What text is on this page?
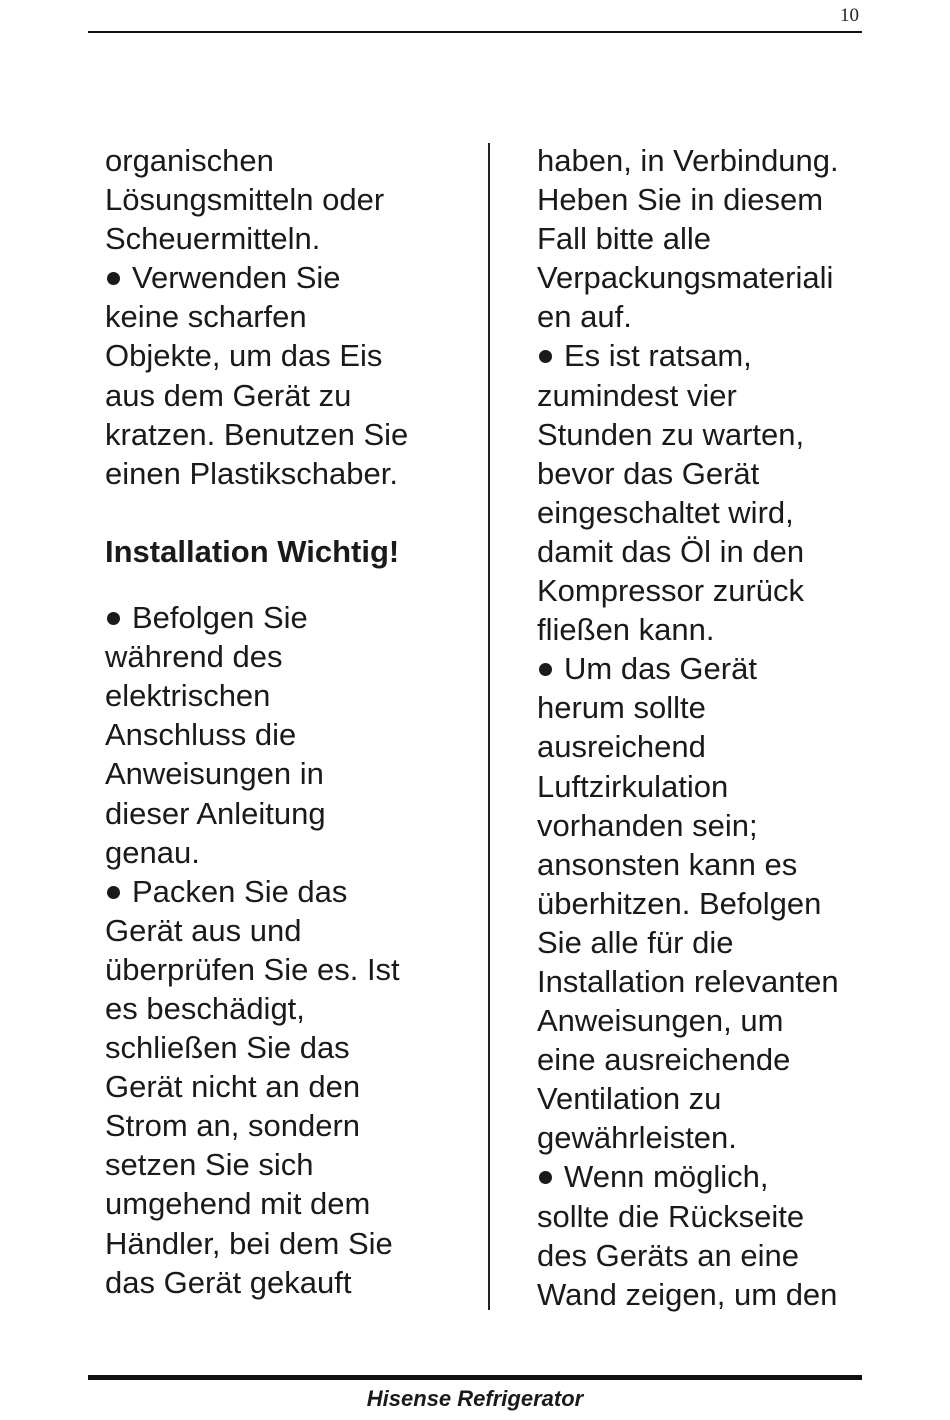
10
organischen
Lösungsmitteln oder
Scheuermitteln.
Verwenden Sie
keine scharfen
Objekte, um das Eis
aus dem Gerät zu
kratzen. Benutzen Sie
einen Plastikschaber.
Installation Wichtig!
Befolgen Sie
während des
elektrischen
Anschluss die
Anweisungen in
dieser Anleitung
genau.
Packen Sie das
Gerät aus und
überprüfen Sie es. Ist
es beschädigt,
schließen Sie das
Gerät nicht an den
Strom an, sondern
setzen Sie sich
umgehend mit dem
Händler, bei dem Sie
das Gerät gekauft
haben, in Verbindung.
Heben Sie in diesem
Fall bitte alle
Verpackungsmateriali
en auf.
Es ist ratsam,
zumindest vier
Stunden zu warten,
bevor das Gerät
eingeschaltet wird,
damit das Öl in den
Kompressor zurück
fließen kann.
Um das Gerät
herum sollte
ausreichend
Luftzirkulation
vorhanden sein;
ansonsten kann es
überhitzen. Befolgen
Sie alle für die
Installation relevanten
Anweisungen, um
eine ausreichende
Ventilation zu
gewährleisten.
Wenn möglich,
sollte die Rückseite
des Geräts an eine
Wand zeigen, um den
Hisense Refrigerator
